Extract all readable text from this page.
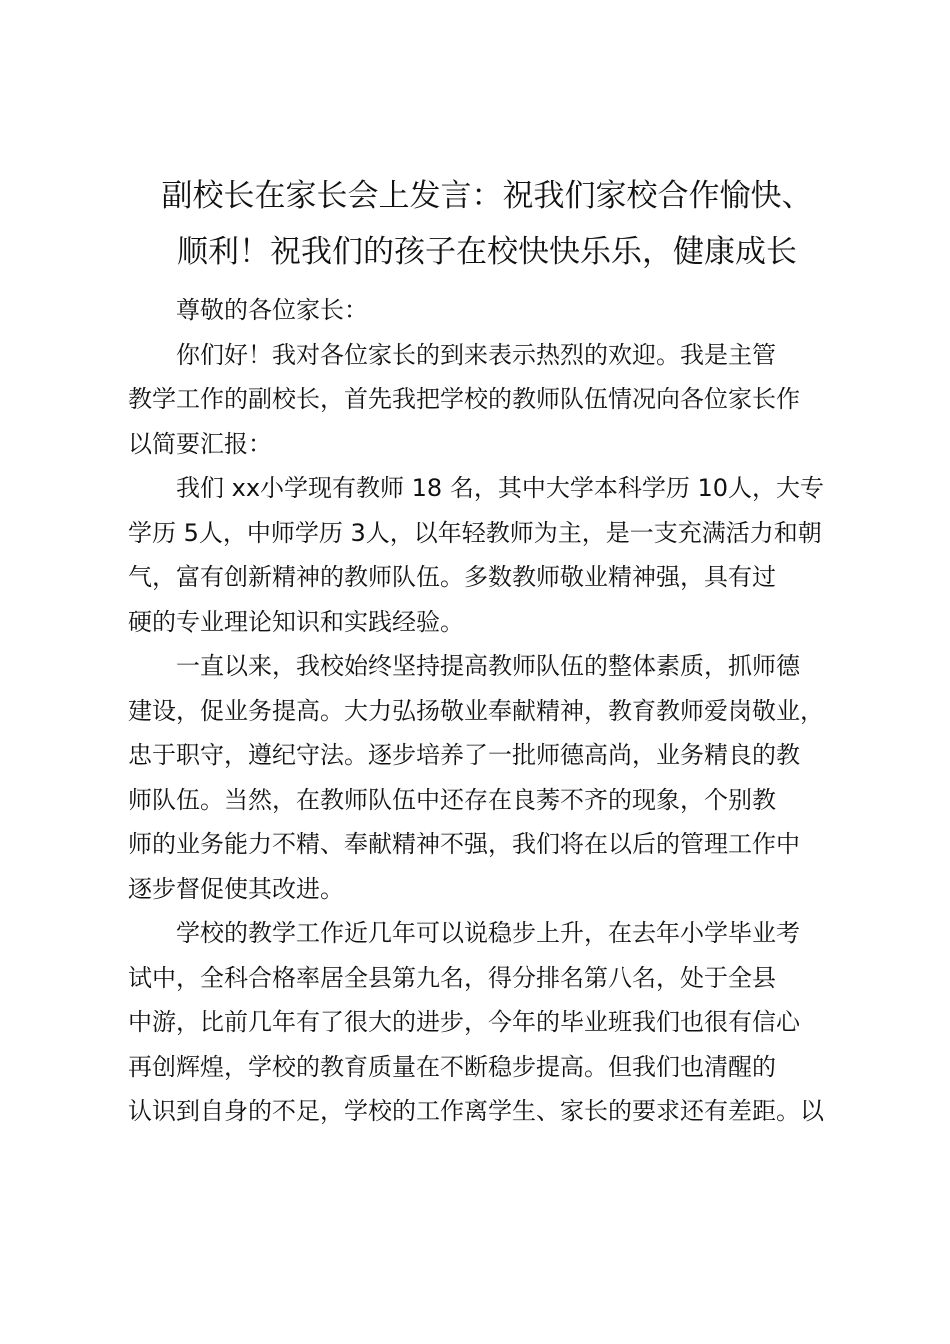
副校长在家长会上发言：祝我们家校合作愉快、
顺利！祝我们的孩⼦在校快快乐乐，健康成长

尊敬的各位家长：

你们好！我对各位家长的到来表⽰热烈的欢迎。我是主管
教学⼯作的副校长，⾸先我把学校的教师队伍情况向各位家长作
以简要汇报：

我们 xx⼩学现有教师 18 名，其中⼤学本科学历 10⼈，⼤专
学历 5⼈，中师学历 3⼈，以年轻教师为主，是⼀⽀充满活⼒和朝
⽓，富有创新精神的教师队伍。多数教师敬业精神强，具有过
硬的专业理论知识和实践经验。

⼀直以来，我校始终坚持提⾼教师队伍的整体素质，抓师德
建设，促业务提⾼。⼤⼒弘扬敬业奉献精神，教育教师爱岗敬业，
忠于职守，遵纪守法。逐步培养了⼀批师德⾼尚，业务精良的教
师队伍。当然，在教师队伍中还存在良莠不齐的现象，个别教
师的业务能⼒不精、奉献精神不强，我们将在以后的管理⼯作中
逐步督促使其改进。

学校的教学⼯作近⼏年可以说稳步上升，在去年⼩学毕业考
试中，全科合格率居全县第九名，得分排名第⼋名，处于全县
中游，⽐前⼏年有了很⼤的进步，今年的毕业班我们也很有信⼼
再创辉煌，学校的教育质量在不断稳步提⾼。但我们也清醒的
认识到⾃⾝的不⾜，学校的⼯作离学⽣、家长的要求还有差距。以
